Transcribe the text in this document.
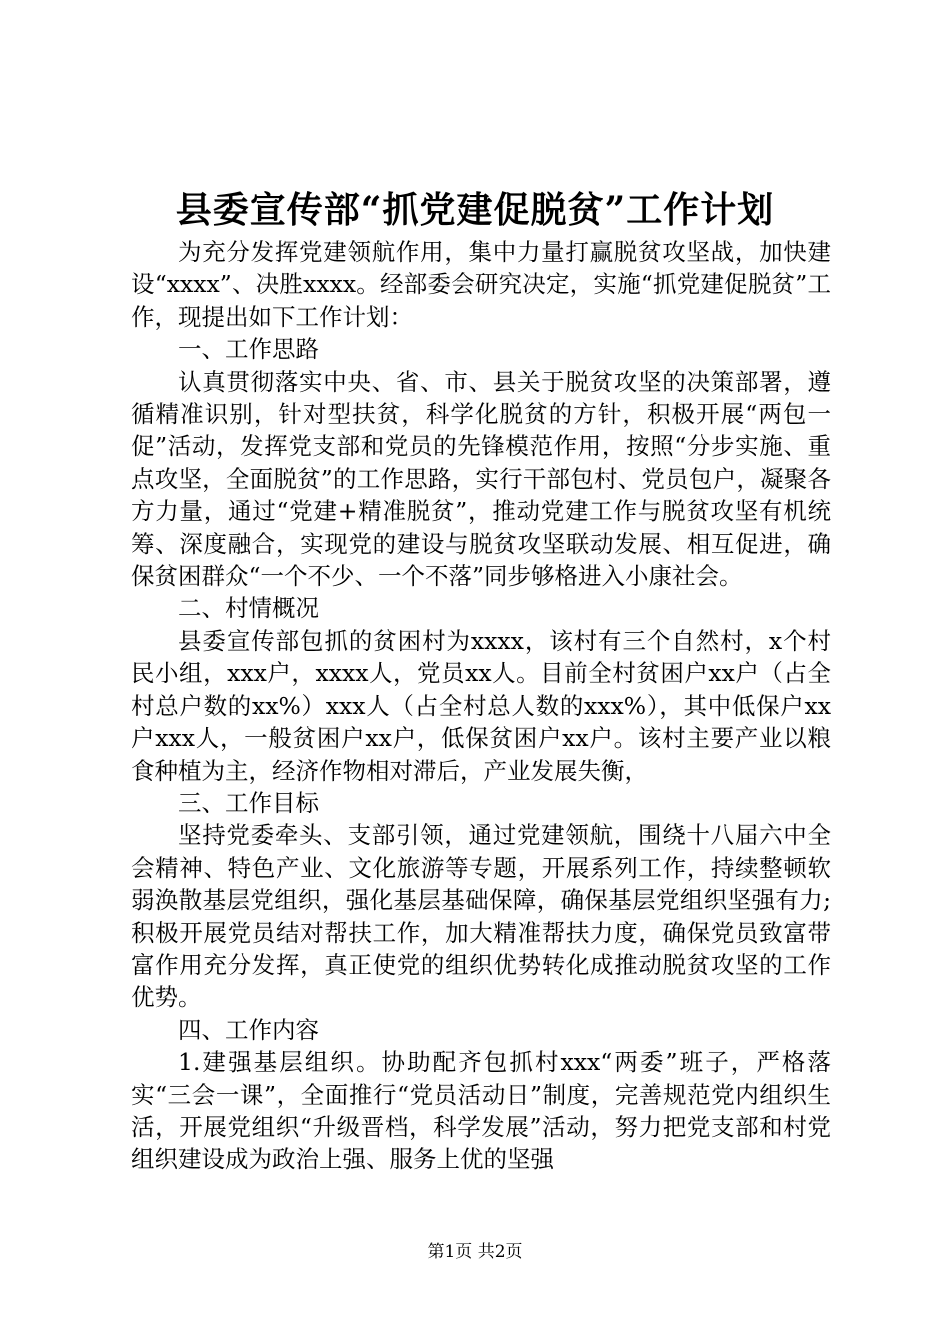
县委宣传部“抓党建促脱贫”工作计划

为充分发挥党建领航作用，集中力量打赢脱贫攻坚战，加快建设“xxxx”、决胜xxxx。经部委会研究决定，实施“抓党建促脱贫”工作，现提出如下工作计划：

一、工作思路

认真贯彻落实中央、省、市、县关于脱贫攻坚的决策部署，遵循精准识别，针对型扶贫，科学化脱贫的方针，积极开展“两包一促”活动，发挥党支部和党员的先锋模范作用，按照“分步实施、重点攻坚，全面脱贫”的工作思路，实行干部包村、党员包户，凝聚各方力量，通过“党建+精准脱贫”，推动党建工作与脱贫攻坚有机统筹、深度融合，实现党的建设与脱贫攻坚联动发展、相互促进，确保贫困群众“一个不少、一个不落”同步够格进入小康社会。

二、村情概况

县委宣传部包抓的贫困村为xxxx，该村有三个自然村，x个村民小组，xxx户，xxxx人，党员xx人。目前全村贫困户xx户（占全村总户数的xx%）xxx人（占全村总人数的xxx%），其中低保户xx户xxx人，一般贫困户xx户，低保贫困户xx户。该村主要产业以粮食种植为主，经济作物相对滞后，产业发展失衡，

三、工作目标

坚持党委牵头、支部引领，通过党建领航，围绕十八届六中全会精神、特色产业、文化旅游等专题，开展系列工作，持续整顿软弱涣散基层党组织，强化基层基础保障，确保基层党组织坚强有力;积极开展党员结对帮扶工作，加大精准帮扶力度，确保党员致富带富作用充分发挥，真正使党的组织优势转化成推动脱贫攻坚的工作优势。

四、工作内容

1.建强基层组织。协助配齐包抓村xxx“两委”班子，严格落实“三会一课”，全面推行“党员活动日”制度，完善规范党内组织生活，开展党组织“升级晋档，科学发展”活动，努力把党支部和村党组织建设成为政治上强、服务上优的坚强

第1页 共2页
